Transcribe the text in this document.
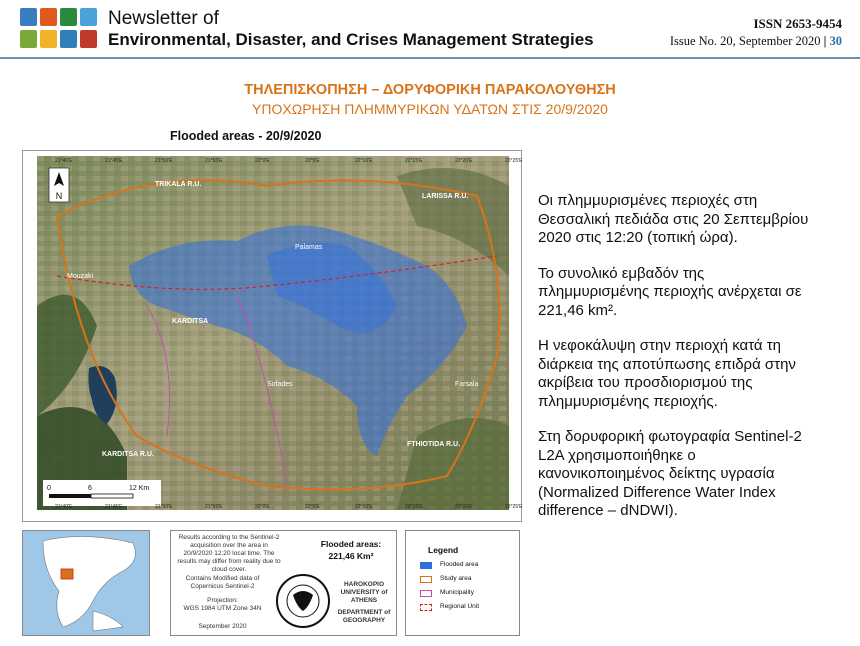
Newsletter of
Environmental, Disaster, and Crises Management Strategies
ISSN 2653-9454
Issue No. 20, September 2020 | 30
ΤΗΛΕΠΙΣΚΟΠΗΣΗ – ΔΟΡΥΦΟΡΙΚΗ ΠΑΡΑΚΟΛΟΥΘΗΣΗ
ΥΠΟΧΩΡΗΣΗ ΠΛΗΜΜΥΡΙΚΩΝ ΥΔΑΤΩΝ ΣΤΙΣ 20/9/2020
Flooded areas - 20/9/2020
N
TRIKALA R.U.
LARISSA R.U.
Palamas
KARDITSA
KARDITSA R.U.
FTHIOTIDA R.U.
Farsala
Sofades
Mouzaki
0	6	12 Km
21°40'E	21°45'E	21°50'E	21°55'E	22°0'E	22°5'E	22°10'E	22°15'E	22°20'E	22°25'E
21°40'E	21°45'E	21°50'E	21°55'E	22°0'E	22°5'E	22°10'E	22°15'E	22°20'E	22°25'E
Results according to the Sentinel-2 acquisition over the area in 20/9/2020 12:20 local time. The results may differ from reality due to cloud cover.
Flooded areas:
221,46 Km²
Contains Modified data of Copernicus Sentinel-2
Projection:
WGS 1984 UTM Zone 34N
September 2020
HAROKOPIO UNIVERSITY of ATHENS
DEPARTMENT of GEOGRAPHY
Legend
Flooded area
Study area
Municipality
Regional Unit

Οι πλημμυρισμένες περιοχές στη Θεσσαλική πεδιάδα στις 20 Σεπτεμβρίου 2020 στις 12:20 (τοπική ώρα).

Το συνολικό εμβαδόν της πλημμυρισμένης περιοχής ανέρχεται σε 221,46 km².

Η νεφοκάλυψη στην περιοχή κατά τη διάρκεια της αποτύπωσης επιδρά στην ακρίβεια του προσδιορισμού της πλημμυρισμένης περιοχής.

Στη δορυφορική φωτογραφία Sentinel-2 L2A χρησιμοποιήθηκε ο κανονικοποιημένος δείκτης υγρασία (Normalized Difference Water Index difference – dNDWI).
